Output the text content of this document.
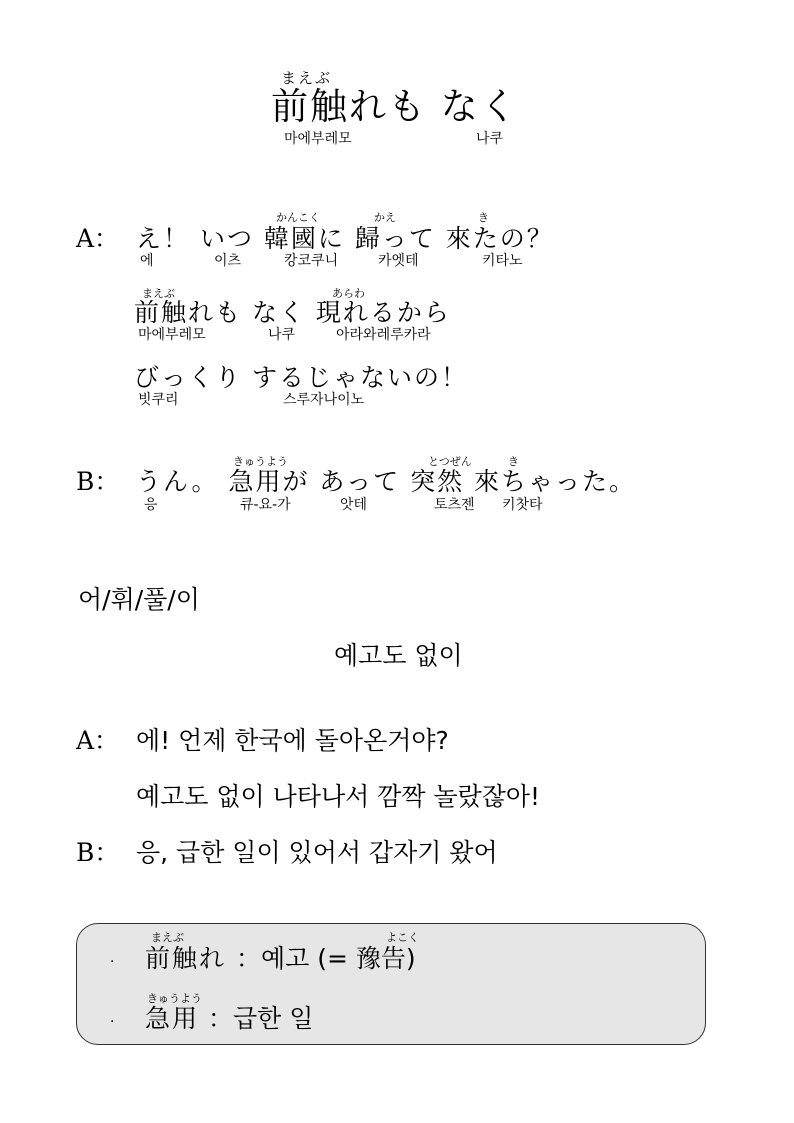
まえぶ
前触れも なく
마에부레모	나쿠
かんこく	かえ	き
A： え！ いつ 韓國に 歸って 來たの？
에	이츠	캉코쿠니	카엣테	키타노
まえぶ	あらわ
前触れも なく 現れるから
마에부레모	나쿠	아라와레루카라
びっくり するじゃないの！
빗쿠리	스루자나이노
きゅうよう	とつぜん	き
B： うん。 急用が あって 突然 來ちゃった。
응	큐-요-가	앗테	토츠젠 키찻타
어/휘/풀/이
예고도 없이
A： 에! 언제 한국에 돌아온거야?
예고도 없이 나타나서 깜짝 놀랐잖아!
B： 응, 급한 일이 있어서 갑자기 왔어
·
まえぶ	よこく
前触れ ：예고 (= 豫告)
·
きゅうよう
急用 ：급한 일
